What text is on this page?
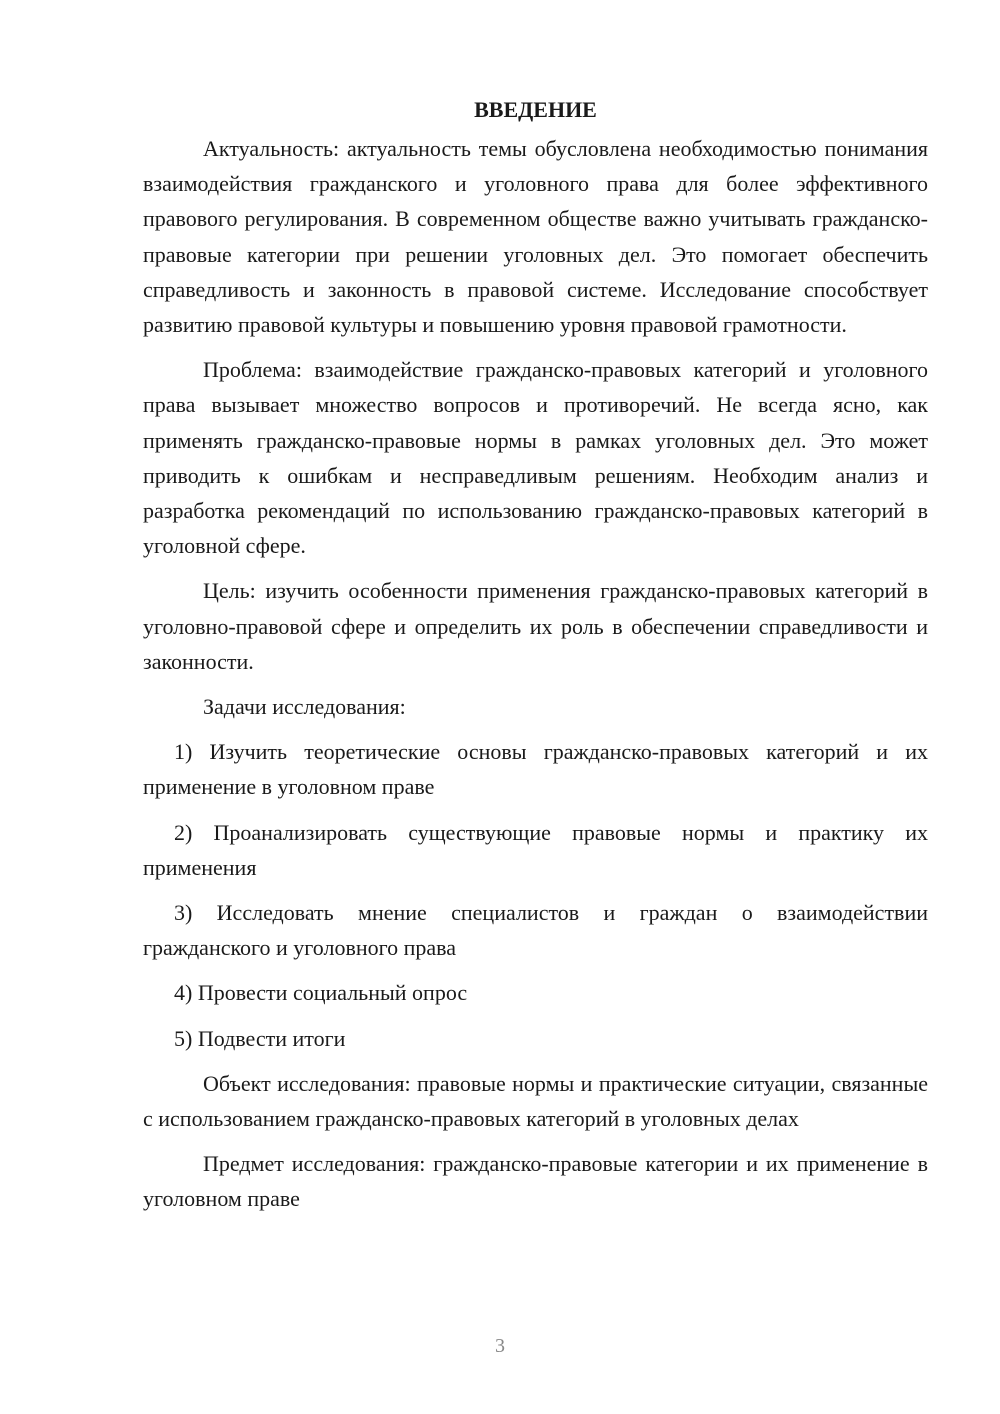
ВВЕДЕНИЕ

Актуальность: актуальность темы обусловлена необходимостью понимания взаимодействия гражданского и уголовного права для более эффективного правового регулирования. В современном обществе важно учитывать гражданско-правовые категории при решении уголовных дел. Это помогает обеспечить справедливость и законность в правовой системе. Исследование способствует развитию правовой культуры и повышению уровня правовой грамотности.

Проблема: взаимодействие гражданско-правовых категорий и уголовного права вызывает множество вопросов и противоречий. Не всегда ясно, как применять гражданско-правовые нормы в рамках уголовных дел. Это может приводить к ошибкам и несправедливым решениям. Необходим анализ и разработка рекомендаций по использованию гражданско-правовых категорий в уголовной сфере.

Цель: изучить особенности применения гражданско-правовых категорий в уголовно-правовой сфере и определить их роль в обеспечении справедливости и законности.

Задачи исследования:

1) Изучить теоретические основы гражданско-правовых категорий и их применение в уголовном праве

2) Проанализировать существующие правовые нормы и практику их применения

3) Исследовать мнение специалистов и граждан о взаимодействии гражданского и уголовного права

4) Провести социальный опрос

5) Подвести итоги

Объект исследования: правовые нормы и практические ситуации, связанные с использованием гражданско-правовых категорий в уголовных делах

Предмет исследования: гражданско-правовые категории и их применение в уголовном праве

3
